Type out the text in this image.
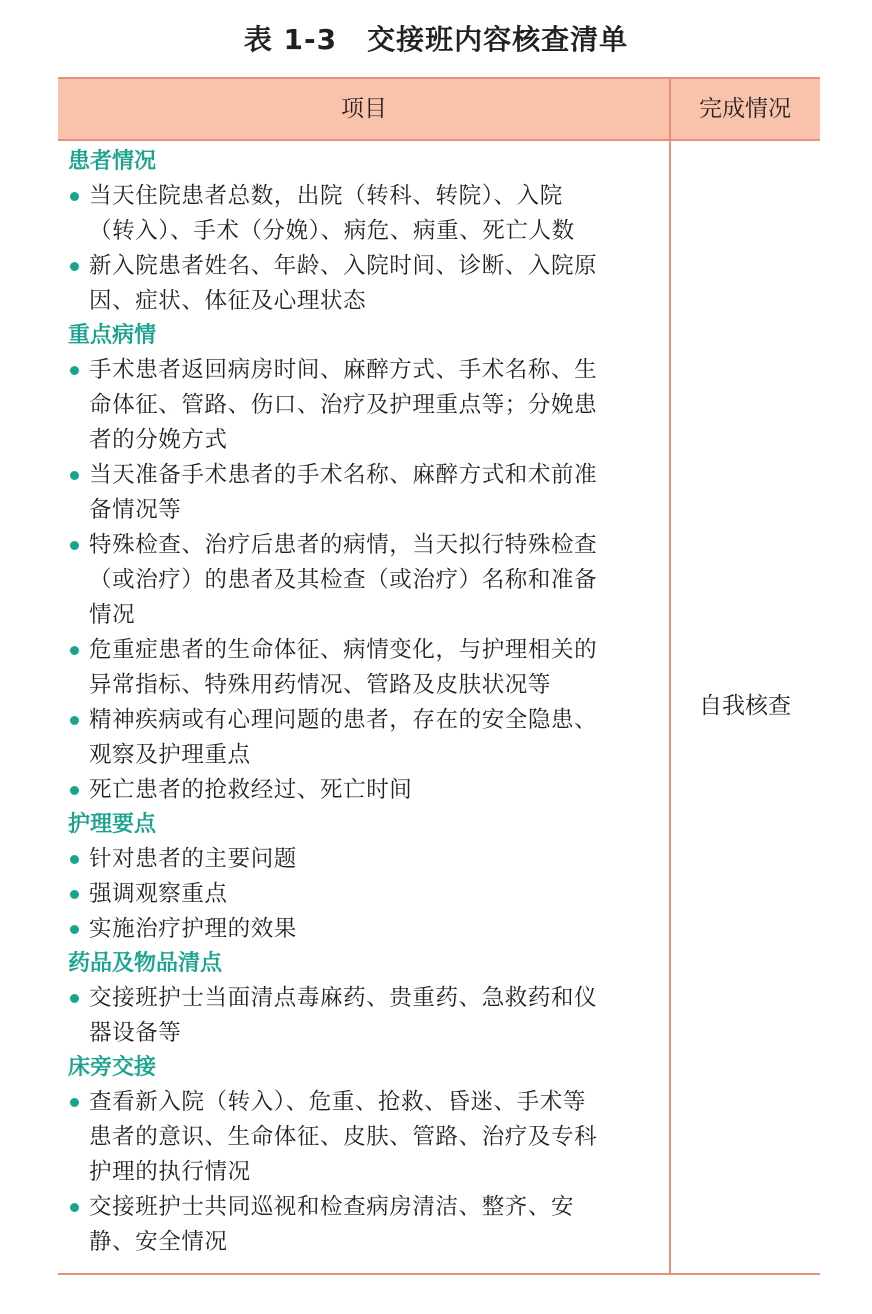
表 1-3 交接班内容核查清单
项目	完成情况
患者情况
当天住院患者总数，出院（转科、转院）、入院
（转入）、手术（分娩）、病危、病重、死亡人数
新入院患者姓名、年龄、入院时间、诊断、入院原
因、症状、体征及心理状态
重点病情
手术患者返回病房时间、麻醉方式、手术名称、生
命体征、管路、伤口、治疗及护理重点等；分娩患
者的分娩方式
当天准备手术患者的手术名称、麻醉方式和术前准
备情况等
特殊检查、治疗后患者的病情，当天拟行特殊检查
（或治疗）的患者及其检查（或治疗）名称和准备
情况
危重症患者的生命体征、病情变化，与护理相关的
异常指标、特殊用药情况、管路及皮肤状况等
精神疾病或有心理问题的患者，存在的安全隐患、
观察及护理重点
死亡患者的抢救经过、死亡时间
护理要点
针对患者的主要问题
强调观察重点
实施治疗护理的效果
药品及物品清点
交接班护士当面清点毒麻药、贵重药、急救药和仪
器设备等
床旁交接
查看新入院（转入）、危重、抢救、昏迷、手术等
患者的意识、生命体征、皮肤、管路、治疗及专科
护理的执行情况
交接班护士共同巡视和检查病房清洁、整齐、安
静、安全情况
自我核查
